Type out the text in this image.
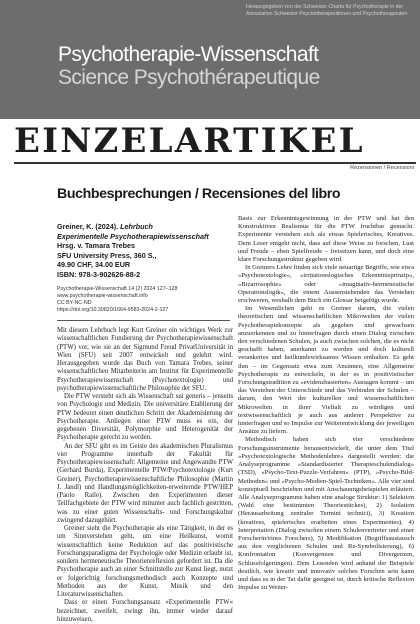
Herausgegeben von der Schweizer Charta für Psychotherapie in der Assoziation Schweizer Psychotherapeutinnen und Psychotherapeuten

Psychotherapie-Wissenschaft

Science Psychothérapeutique

EINZELARTIKEL

Rezensionen / Recensioni

Buchbesprechungen / Recensiones del libro
Greiner, K. (2024). Lehrbuch
Experimentelle Psychotherapiewissenschaft
Hrsg. v. Tamara Trebes
SFU University Press, 360 S.,
49.90 CHF, 34.00 EUR
ISBN: 978-3-902626-88-2
Psychotherapie-Wissenschaft 14 (2) 2024 127–128
www.psychotherapie-wissenschaft.info
CC BY-NC-ND
https://doi.org/10.30820/1664-9583-2024-2-127

Mit diesem Lehrbuch legt Kurt Greiner ein wichtiges Werk zur wissenschaftlichen Fundierung der Psychotherapiewissenschaft (PTW) vor, wie sie an der Sigmund Freud PrivatUniversität in Wien (SFU) seit 2007 entwickelt und gelehrt wird. Herausgegeben wurde das Buch von Tamara Trebes, seiner wissenschaftlichen Mitarbeiterin am Institut für Experimentelle Psychotherapiewissenschaft (Psychotextologie) und psychotherapiewissenschaftliche Philosophie der SFU.

Die PTW versteht sich als Wissenschaft sui generis – jenseits von Psychologie und Medizin. Die universitäre Etablierung der PTW bedeutet einen deutlichen Schritt der Akademisierung der Psychotherapie. Anliegen einer PTW muss es ein, der gegebenen Diversität, Polymorphie und Heterogenität der Psychotherapie gerecht zu werden.

An der SFU gibt es im Geiste des akademischen Pluralismus vier Programme innerhalb der Fakultät für Psychotherapiewissenschaft: Allgemeine und Angewandte PTW (Gerhard Burda), Experimentelle PTW/Psychotextologie (Kurt Greiner), Psychotherapiewissenschaftliche Philosophie (Martin J. Jandl) und Handlungsmöglichkeiten-erweiternde PTW/HEP (Paolo Raile). Zwischen den Experimenten dieser Teilfachgebiete der PTW wird mitunter auch fachlich gestritten, was zu einer guten Wissenschafts- und Forschungskultur zwingend dazugehört.

Greiner sieht die Psychotherapie als eine Tätigkeit, in der es um Sinnverstehen geht, um eine Heilkunst, womit wissenschaftlich keine Reduktion auf das positivistische Forschungsparadigma der Psychologie oder Medizin erlaubt ist, sondern hermeneutische Theorienreflexion gefordert ist. Da die Psychotherapie auch an einer Schnittstelle zur Kunst liegt, nutzt er folgerichtig forschungsmethodisch auch Konzepte und Methoden aus der Kunst, Musik und den Literaturwissenschaften.

Dass er einen Forschungsansatz »Experimentelle PTW« bezeichnet, zweifelt, zwingt ihn, immer wieder darauf hinzuweisen,

Basis zur Erkenntnisgewinnung in der PTW und hat den Konstruktiven Realismus für die PTW fruchtbar gemacht. Experimente verstehen sich als etwas Spielerisches, Kreatives. Dem Leser entgeht nicht, dass auf diese Weise zu forschen, Lust und Freude – eben Spielfreude – freisetzen kann, und doch eine klare Forschungsstruktur gegeben wird.

In Greiners Lehre finden sich viele neuartige Begriffe, wie etwa »Psychotextologie«, »irritationslogisches Erkenntnisprinzip«, »Bizarrosophie« oder »imaginativ-hermeneutische Operationslogik«, die einem Aussenstehenden das Verstehen erschweren, weshalb dem Buch ein Glossar beigefügt wurde.

Im Wesentlichen geht es Greiner darum, die vielen theoretischen und wissenschaftlichen Mikrowelten der vielen Psychotherapiekonzepte als gegeben und gewachsen anzuerkennen und zu hinterfragen durch einen Dialog zwischen den verschiedenen Schulen, ja auch zwischen solchen, die es nicht geschafft haben, anerkannt zu werden und doch kulturell verankertes und heilkundewirksames Wissen enthalten. Es geht ihm – im Gegensatz etwa zum Ansinnen, eine Allgemeine Psychotherapie zu entwickeln, in der es in positivistischer Forschungstradition zu »evidenzbasierten« Aussagen kommt – um das Verstehen der Unterschiede und das Verbinden der Schulen – darum, den Wert der kulturellen und wissenschaftlichen Mikrowelten in ihrer Vielfalt zu würdigen und textwissenschaftlich je auch aus anderer Perspektive zu hinterfragen und so Impulse zur Weiterentwicklung der jeweiligen Ansätze zu liefern.

Methodisch haben sich vier verschiedene Forschungsinstrumente herausentwickelt, die unter dem Titel »Psychotextologische Methodenlehre« dargestellt werden: die Analyseprogramme »Standardisierter Therapieschulendialog« (TSD), »Psycho-Text-Puzzle-Verfahren« (PTP), »Psycho-Bild-Methoden« und »Psycho-Medien-Spiel-Techniken«. Alle vier sind konzeptuell beschrieben und mit Anschauungsbeispielen erläutert. Alle Analyseprogramme haben eine analoge Struktur: 1) Selektion (Wahl eine bestimmten Theoriestückes), 2) Isolation (Herausarbeitung zentraler Termini technici), 3) Kreation (kreatives, spielerisches erarbeiten eines Experimentes), 4) Interpretation (Dialog zwischen einem Schulenvertreter und einer Forscherin/eines Forschers), 5) Modifikation (Begriffsaustausch aus den verglichenen Schulen und Re-Symbolisierung), 6) Konfrontation (Konvergenzen und Divergenzen, Schlussfolgerungen). Dem Lesenden wird anhand der Beispiele deutlich, wie kreativ und innovativ solches Forschen sein kann und dass es in der Tat dafür geeignet ist, durch kritische Reflexion Impulse zu Weiter-
